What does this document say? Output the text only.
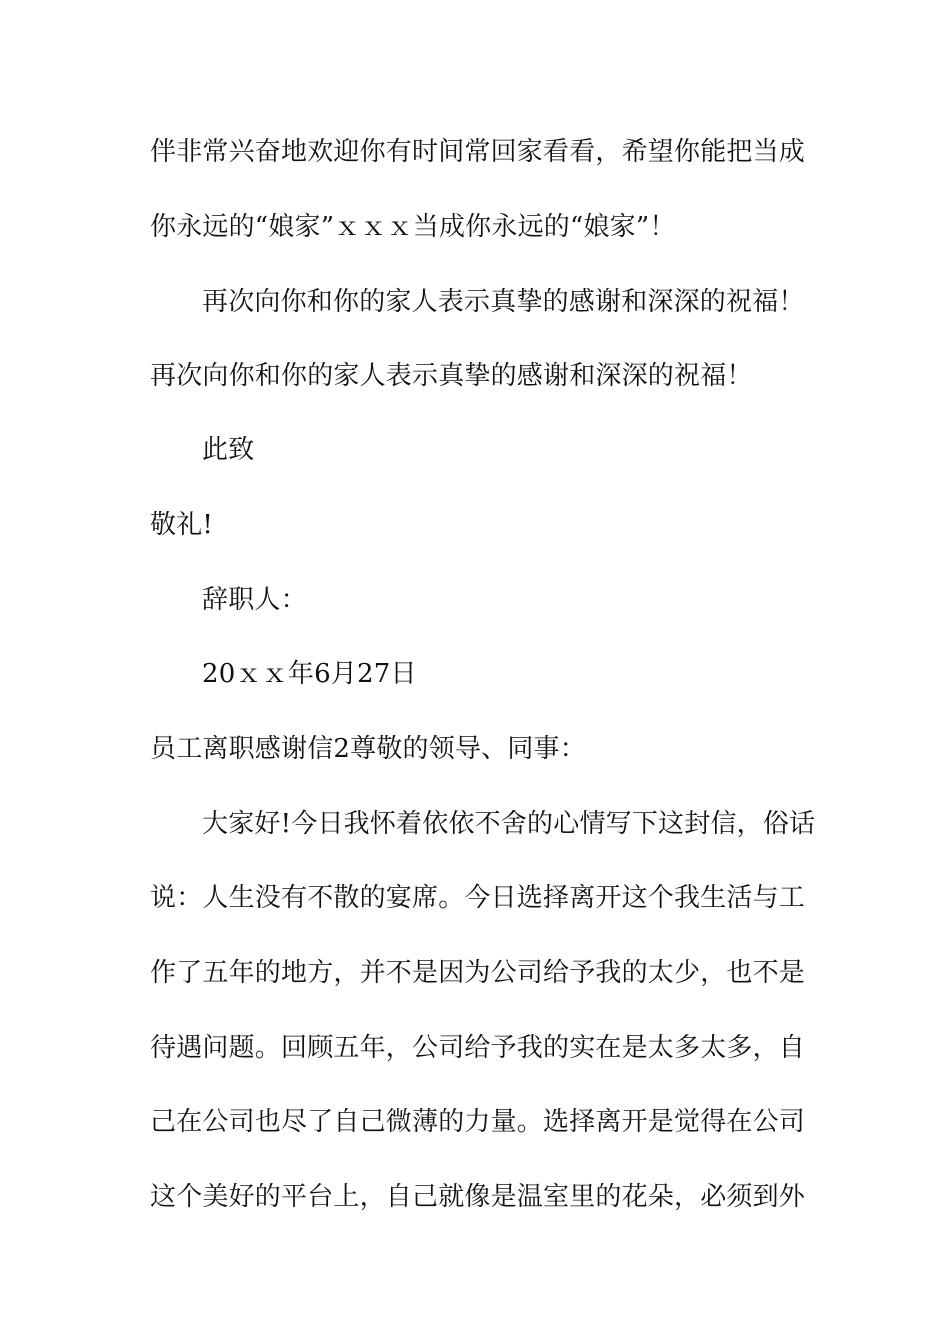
伴非常兴奋地欢迎你有时间常回家看看，希望你能把当成
你永远的“娘家”ｘｘｘ当成你永远的“娘家”！
再次向你和你的家人表示真挚的感谢和深深的祝福！
再次向你和你的家人表示真挚的感谢和深深的祝福！
此致
敬礼!
辞职人：
20ｘｘ年6月27日
员工离职感谢信2尊敬的领导、同事：
大家好!今日我怀着依依不舍的心情写下这封信，俗话
说：人生没有不散的宴席。今日选择离开这个我生活与工
作了五年的地方，并不是因为公司给予我的太少，也不是
待遇问题。回顾五年，公司给予我的实在是太多太多，自
己在公司也尽了自己微薄的力量。选择离开是觉得在公司
这个美好的平台上，自己就像是温室里的花朵，必须到外
